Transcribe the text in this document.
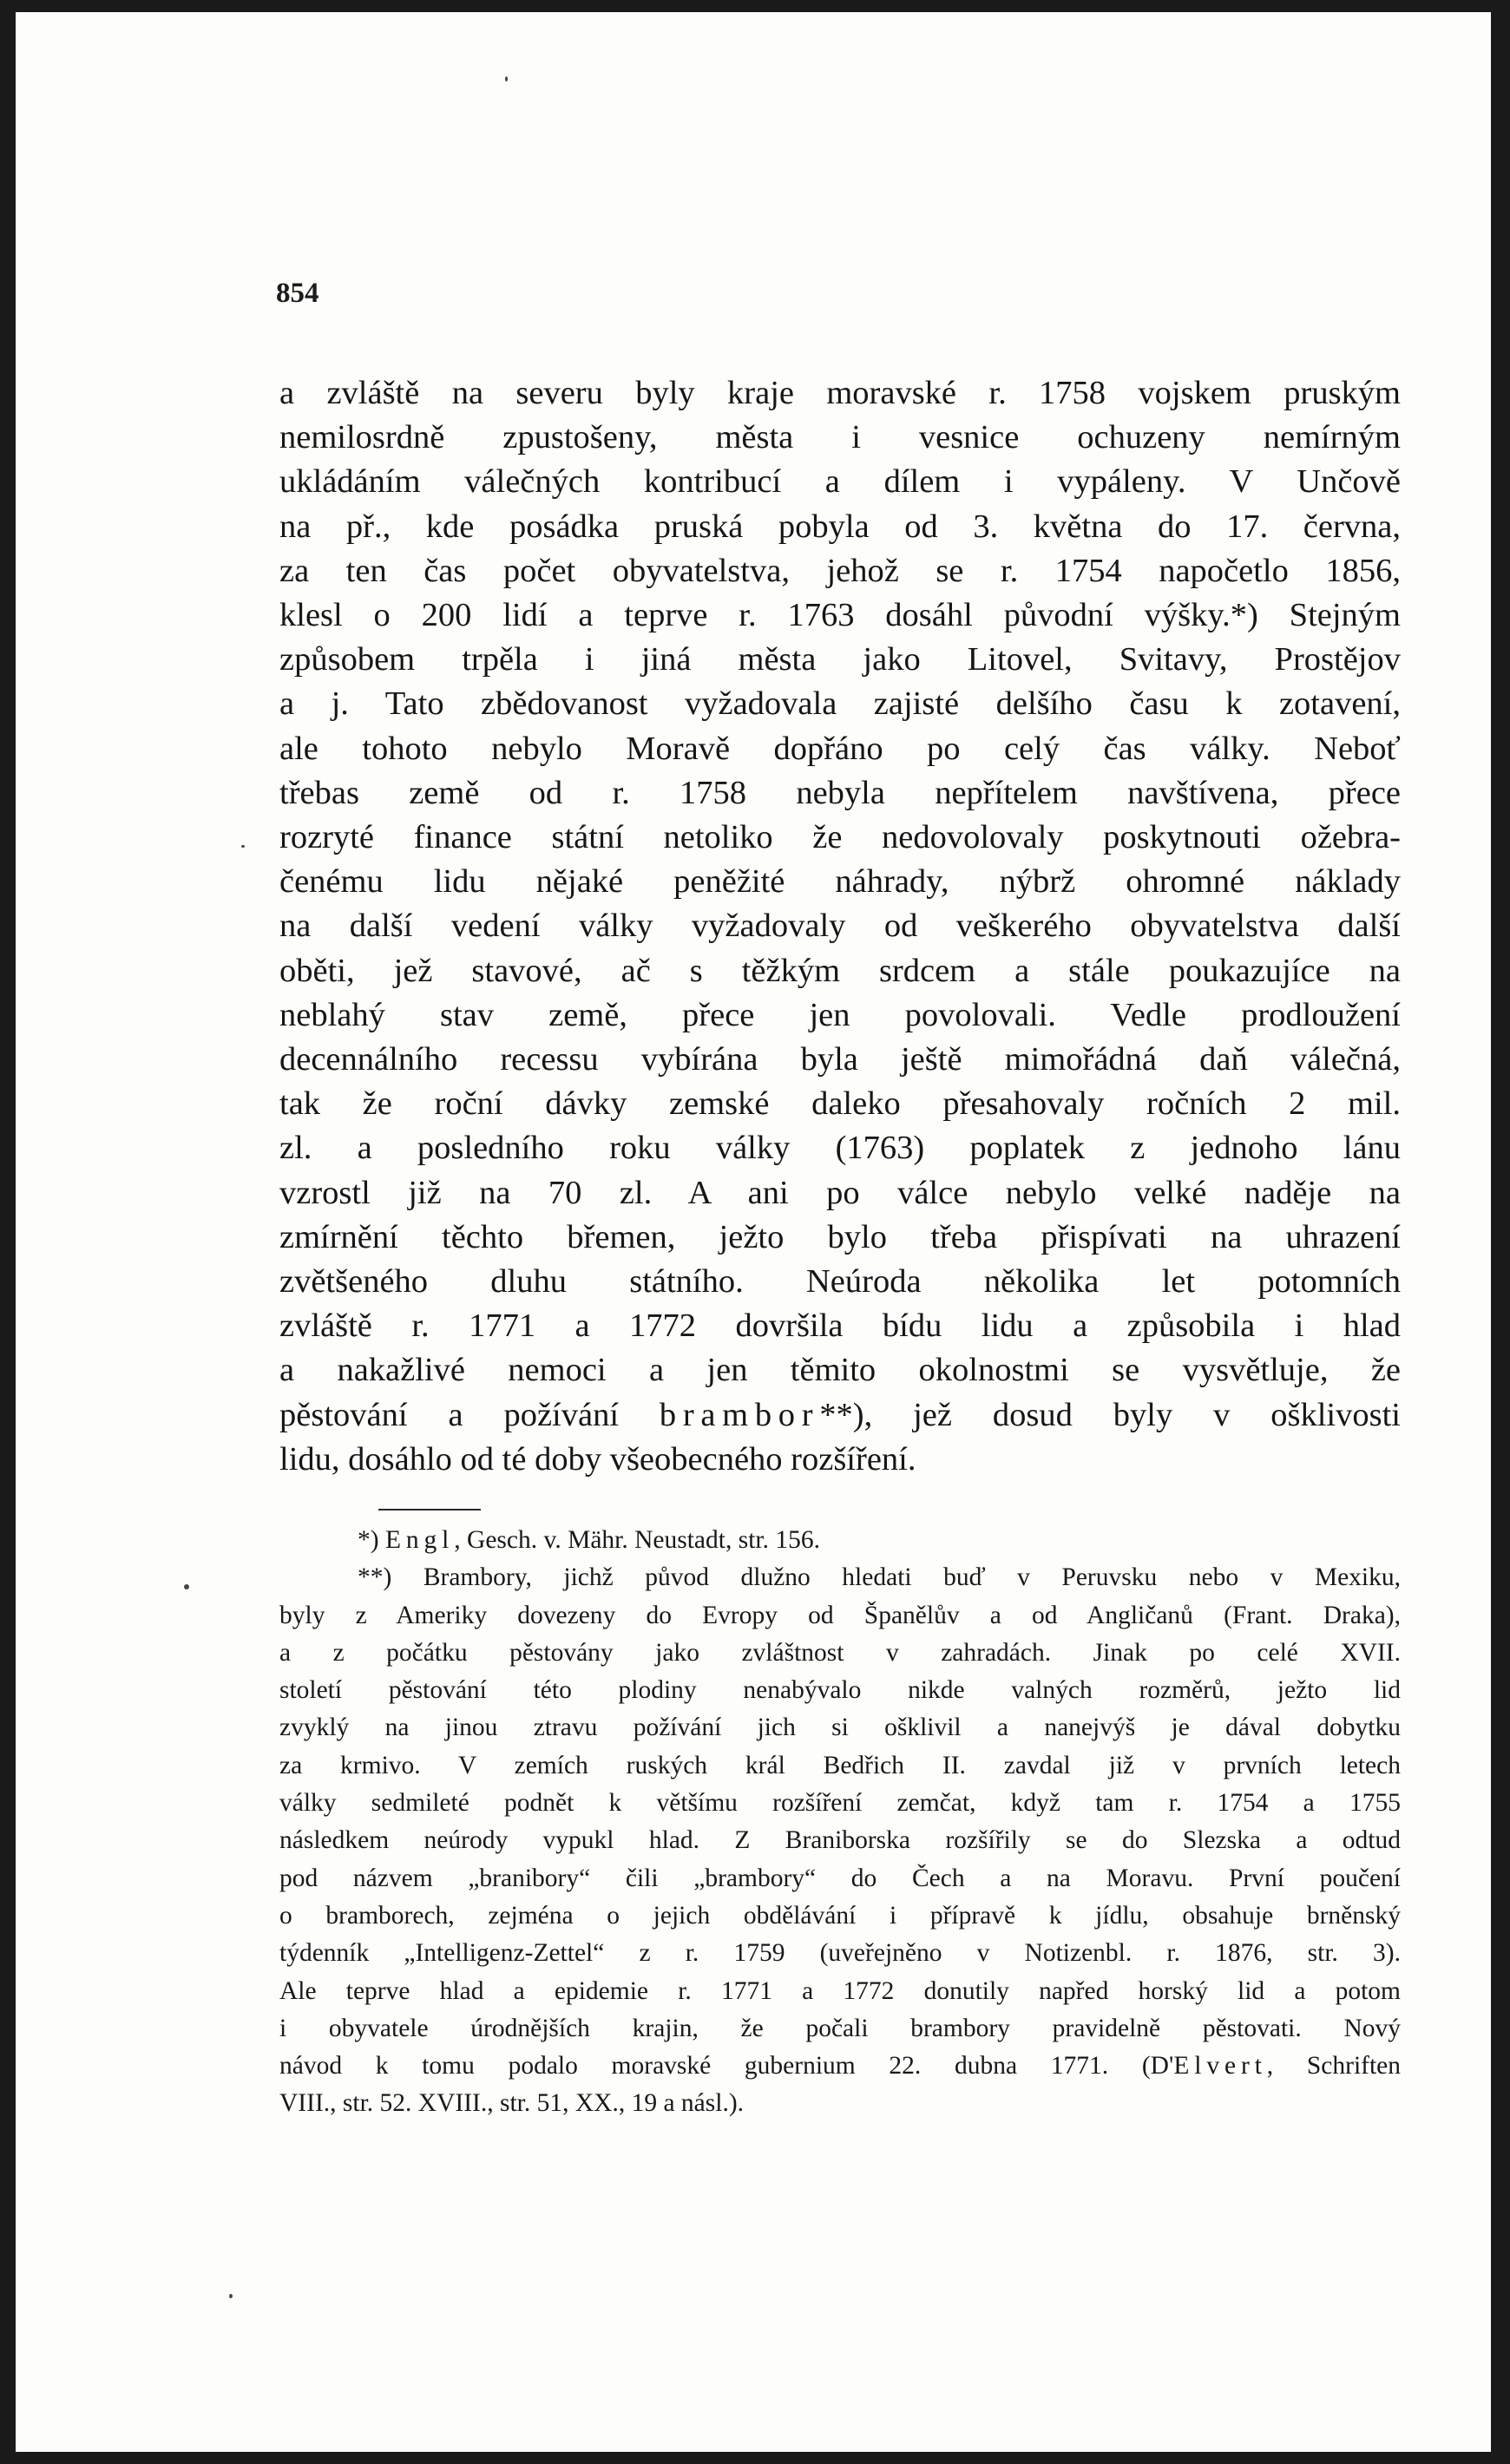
854

a zvláště na severu byly kraje moravské r. 1758 vojskem pruským
nemilosrdně zpustošeny, města i vesnice ochuzeny nemírným
ukládáním válečných kontribucí a dílem i vypáleny. V Unčově
na př., kde posádka pruská pobyla od 3. května do 17. června,
za ten čas počet obyvatelstva, jehož se r. 1754 napočetlo 1856,
klesl o 200 lidí a teprve r. 1763 dosáhl původní výšky.*) Stejným
způsobem trpěla i jiná města jako Litovel, Svitavy, Prostějov
a j. Tato zbědovanost vyžadovala zajisté delšího času k zotavení,
ale tohoto nebylo Moravě dopřáno po celý čas války. Neboť
třebas země od r. 1758 nebyla nepřítelem navštívena, přece
rozryté finance státní netoliko že nedovolovaly poskytnouti ožebra-
čenému lidu nějaké peněžité náhrady, nýbrž ohromné náklady
na další vedení války vyžadovaly od veškerého obyvatelstva další
oběti, jež stavové, ač s těžkým srdcem a stále poukazujíce na
neblahý stav země, přece jen povolovali. Vedle prodloužení
decennálního recessu vybírána byla ještě mimořádná daň válečná,
tak že roční dávky zemské daleko přesahovaly ročních 2 mil.
zl. a posledního roku války (1763) poplatek z jednoho lánu
vzrostl již na 70 zl. A ani po válce nebylo velké naděje na
zmírnění těchto břemen, ježto bylo třeba přispívati na uhrazení
zvětšeného dluhu státního. Neúroda několika let potomních
zvláště r. 1771 a 1772 dovršila bídu lidu a způsobila i hlad
a nakažlivé nemoci a jen těmito okolnostmi se vysvětluje, že
pěstování a požívání brambor**), jež dosud byly v ošklivosti
lidu, dosáhlo od té doby všeobecného rozšíření.
*) Engl, Gesch. v. Mähr. Neustadt, str. 156.
**) Brambory, jichž původ dlužno hledati buď v Peruvsku nebo v Mexiku,
byly z Ameriky dovezeny do Evropy od Španělův a od Angličanů (Frant. Draka),
a z počátku pěstovány jako zvláštnost v zahradách. Jinak po celé XVII.
století pěstování této plodiny nenabývalo nikde valných rozměrů, ježto lid
zvyklý na jinou ztravu požívání jich si ošklivil a nanejvýš je dával dobytku
za krmivo. V zemích ruských král Bedřich II. zavdal již v prvních letech
války sedmileté podnět k většímu rozšíření zemčat, když tam r. 1754 a 1755
následkem neúrody vypukl hlad. Z Braniborska rozšířily se do Slezska a odtud
pod názvem „branibory“ čili „brambory“ do Čech a na Moravu. První poučení
o bramborech, zejména o jejich obdělávání i přípravě k jídlu, obsahuje brněnský
týdenník „Intelligenz-Zettel“ z r. 1759 (uveřejněno v Notizenbl. r. 1876, str. 3).
Ale teprve hlad a epidemie r. 1771 a 1772 donutily napřed horský lid a potom
i obyvatele úrodnějších krajin, že počali brambory pravidelně pěstovati. Nový
návod k tomu podalo moravské gubernium 22. dubna 1771. (D'Elvert, Schriften
VIII., str. 52. XVIII., str. 51, XX., 19 a násl.).
